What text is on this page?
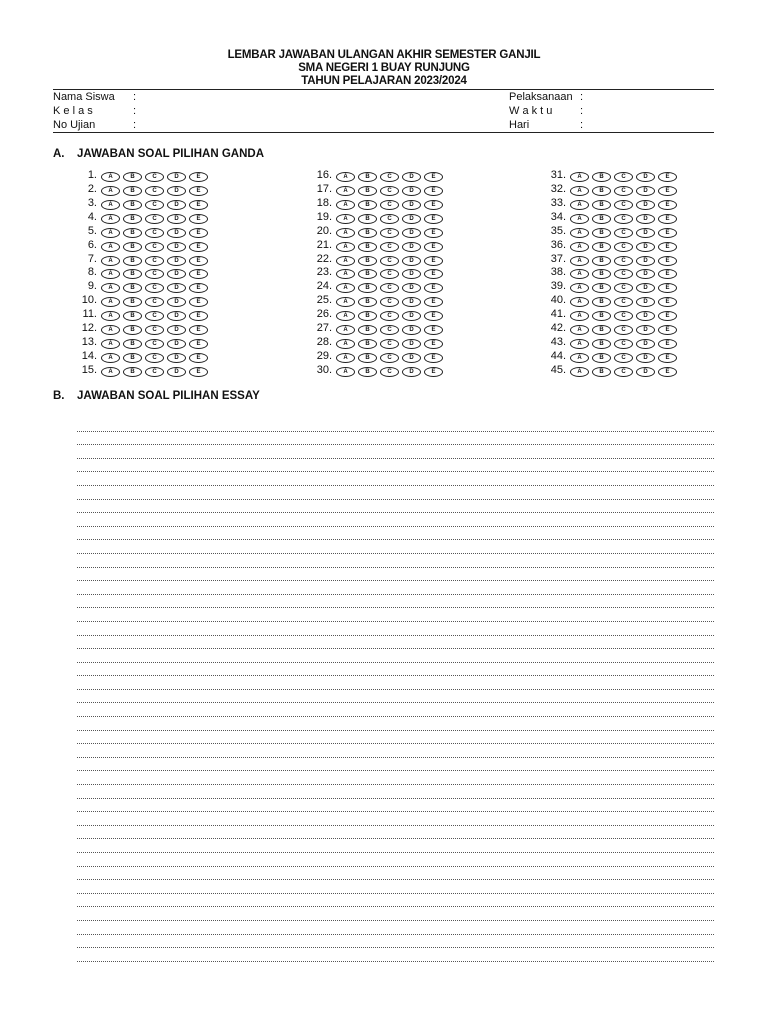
LEMBAR JAWABAN ULANGAN AKHIR SEMESTER GANJIL
SMA NEGERI 1 BUAY RUNJUNG
TAHUN PELAJARAN 2023/2024
Nama Siswa :
K e l a s	:
No Ujian	:
Pelaksanaan :
W a k t u	:
Hari	:
A. JAWABAN SOAL PILIHAN GANDA
1.	A	B	C	D	E
2.	A	B	C	D	E
3.	A	B	C	D	E
4.	A	B	C	D	E
5.	A	B	C	D	E
6.	A	B	C	D	E
7.	A	B	C	D	E
8.	A	B	C	D	E
9.	A	B	C	D	E
10.	A	B	C	D	E
11.	A	B	C	D	E
12.	A	B	C	D	E
13.	A	B	C	D	E
14.	A	B	C	D	E
15.	A	B	C	D	E
16.	A	B	C	D	E
17.	A	B	C	D	E
18.	A	B	C	D	E
19.	A	B	C	D	E
20.	A	B	C	D	E
21.	A	B	C	D	E
22.	A	B	C	D	E
23.	A	B	C	D	E
24.	A	B	C	D	E
25.	A	B	C	D	E
26.	A	B	C	D	E
27.	A	B	C	D	E
28.	A	B	C	D	E
29.	A	B	C	D	E
30.	A	B	C	D	E
31.	A	B	C	D	E
32.	A	B	C	D	E
33.	A	B	C	D	E
34.	A	B	C	D	E
35.	A	B	C	D	E
36.	A	B	C	D	E
37.	A	B	C	D	E
38.	A	B	C	D	E
39.	A	B	C	D	E
40.	A	B	C	D	E
41.	A	B	C	D	E
42.	A	B	C	D	E
43.	A	B	C	D	E
44.	A	B	C	D	E
45.	A	B	C	D	E
B. JAWABAN SOAL PILIHAN ESSAY
